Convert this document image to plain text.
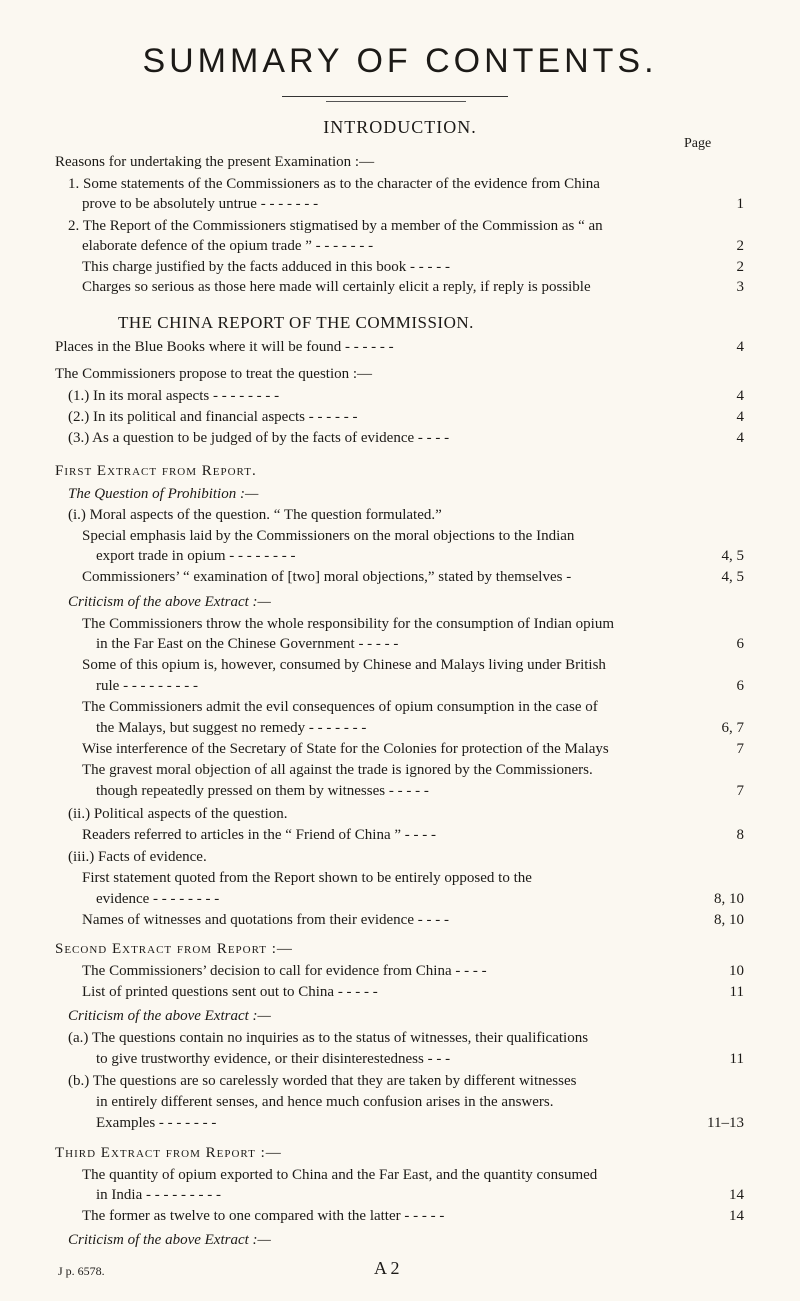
SUMMARY OF CONTENTS.
INTRODUCTION.
Page
THE CHINA REPORT OF THE COMMISSION.
Reasons for undertaking the present Examination :—
1. Some statements of the Commissioners as to the character of the evidence from China
prove to be absolutely untrue - - - - - - -	1
2. The Report of the Commissioners stigmatised by a member of the Commission as “ an
elaborate defence of the opium trade ” - - - - - - -	2
This charge justified by the facts adduced in this book - - - - -	2
Charges so serious as those here made will certainly elicit a reply, if reply is possible	3
Places in the Blue Books where it will be found - - - - - -	4
The Commissioners propose to treat the question :—
(1.) In its moral aspects - - - - - - - -	4
(2.) In its political and financial aspects - - - - - -	4
(3.) As a question to be judged of by the facts of evidence - - - -	4
First Extract from Report.
The Question of Prohibition :—
(i.) Moral aspects of the question. “ The question formulated.”
Special emphasis laid by the Commissioners on the moral objections to the Indian
export trade in opium - - - - - - - -	4, 5
Commissioners’ “ examination of [two] moral objections,” stated by themselves -	4, 5
Criticism of the above Extract :—
The Commissioners throw the whole responsibility for the consumption of Indian opium
in the Far East on the Chinese Government - - - - -	6
Some of this opium is, however, consumed by Chinese and Malays living under British
rule - - - - - - - - -	6
The Commissioners admit the evil consequences of opium consumption in the case of
the Malays, but suggest no remedy - - - - - - -	6, 7
Wise interference of the Secretary of State for the Colonies for protection of the Malays	7
The gravest moral objection of all against the trade is ignored by the Commissioners.
though repeatedly pressed on them by witnesses - - - - -	7
(ii.) Political aspects of the question.
Readers referred to articles in the “ Friend of China ” - - - -	8
(iii.) Facts of evidence.
First statement quoted from the Report shown to be entirely opposed to the
evidence - - - - - - - -	8, 10
Names of witnesses and quotations from their evidence - - - -	8, 10
Second Extract from Report :—
The Commissioners’ decision to call for evidence from China - - - -	10
List of printed questions sent out to China - - - - -	11
Criticism of the above Extract :—
(a.) The questions contain no inquiries as to the status of witnesses, their qualifications
to give trustworthy evidence, or their disinterestedness - - -	11
(b.) The questions are so carelessly worded that they are taken by different witnesses
in entirely different senses, and hence much confusion arises in the answers.
Examples - - - - - - -	11–13
Third Extract from Report :—
The quantity of opium exported to China and the Far East, and the quantity consumed
in India - - - - - - - - -	14
The former as twelve to one compared with the latter - - - - -	14
Criticism of the above Extract :—
J p. 6578.	A 2
